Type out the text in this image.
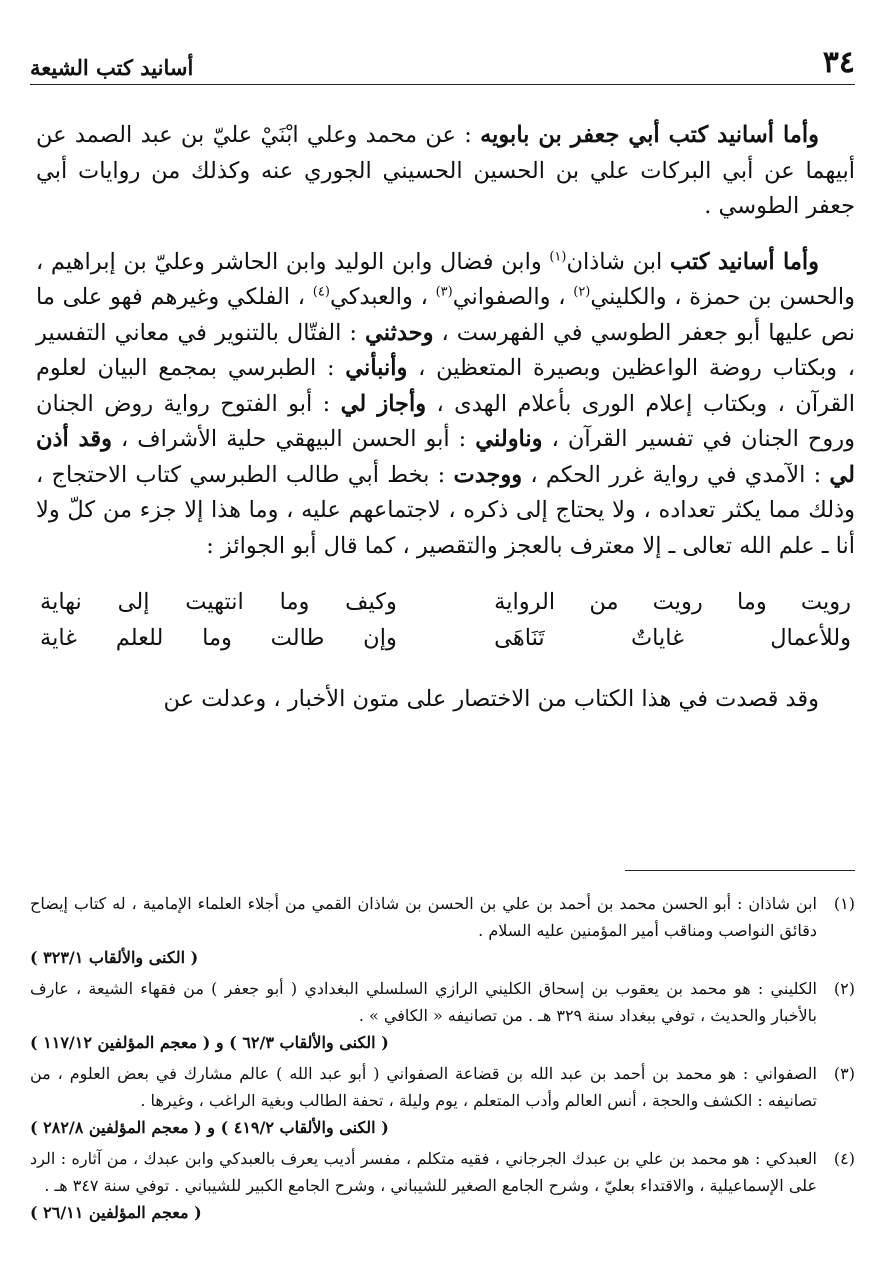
٣٤
أسانيد كتب الشيعة

وأما أسانيد كتب أبي جعفر بن بابويه : عن محمد وعلي ابْنَيْ عليّ بن عبد الصمد عن أبيهما عن أبي البركات علي بن الحسين الحسيني الجوري عنه وكذلك من روايات أبي جعفر الطوسي .

وأما أسانيد كتب ابن شاذان$^{(١)}$ وابن فضال وابن الوليد وابن الحاشر وعليّ بن إبراهيم ، والحسن بن حمزة ، والكليني$^{(٢)}$ ، والصفواني$^{(٣)}$ ، والعبدكي$^{(٤)}$ ، الفلكي وغيرهم فهو على ما نص عليها أبو جعفر الطوسي في الفهرست ، وحدثني : الفتّال بالتنوير في معاني التفسير ، وبكتاب روضة الواعظين وبصيرة المتعظين ، وأنبأني : الطبرسي بمجمع البيان لعلوم القرآن ، وبكتاب إعلام الورى بأعلام الهدى ، وأجاز لي : أبو الفتوح رواية روض الجنان وروح الجنان في تفسير القرآن ، وناولني : أبو الحسن البيهقي حلية الأشراف ، وقد أذن لي : الآمدي في رواية غرر الحكم ، ووجدت : بخط أبي طالب الطبرسي كتاب الاحتجاج ، وذلك مما يكثر تعداده ، ولا يحتاج إلى ذكره ، لاجتماعهم عليه ، وما هذا إلا جزء من كلّ ولا أنا ـ علم الله تعالى ـ إلا معترف بالعجز والتقصير ، كما قال أبو الجوائز :

رويت وما رويت من الرواية
وكيف وما انتهيت إلى نهاية
وللأعمال غاياتٌ تَنَاهَى
وإن طالت وما للعلم غاية

وقد قصدت في هذا الكتاب من الاختصار على متون الأخبار ، وعدلت عن

(١)
ابن شاذان : أبو الحسن محمد بن أحمد بن علي بن الحسن بن شاذان القمي من أجلاء العلماء الإمامية ، له كتاب إيضاح دقائق النواصب ومناقب أمير المؤمنين عليه السلام .
( الكنى والألقاب ٣٢٣/١ )
(٢)
الكليني : هو محمد بن يعقوب بن إسحاق الكليني الرازي السلسلي البغدادي ( أبو جعفر ) من فقهاء الشيعة ، عارف بالأخبار والحديث ، توفي ببغداد سنة ٣٢٩ هـ . من تصانيفه « الكافي » .
( الكنى والألقاب ٦٢/٣ ) و ( معجم المؤلفين ١١٧/١٢ )
(٣)
الصفواني : هو محمد بن أحمد بن عبد الله بن قضاعة الصفواني ( أبو عبد الله ) عالم مشارك في بعض العلوم ، من تصانيفه : الكشف والحجة ، أنس العالم وأدب المتعلم ، يوم وليلة ، تحفة الطالب وبغية الراغب ، وغيرها .
( الكنى والألقاب ٤١٩/٢ ) و ( معجم المؤلفين ٢٨٢/٨ )
(٤)
العبدكي : هو محمد بن علي بن عبدك الجرجاني ، فقيه متكلم ، مفسر أديب يعرف بالعبدكي وابن عبدك ، من آثاره : الرد على الإسماعيلية ، والاقتداء بعليّ ، وشرح الجامع الصغير للشيباني ، وشرح الجامع الكبير للشيباني . توفي سنة ٣٤٧ هـ .
( معجم المؤلفين ٢٦/١١ )
